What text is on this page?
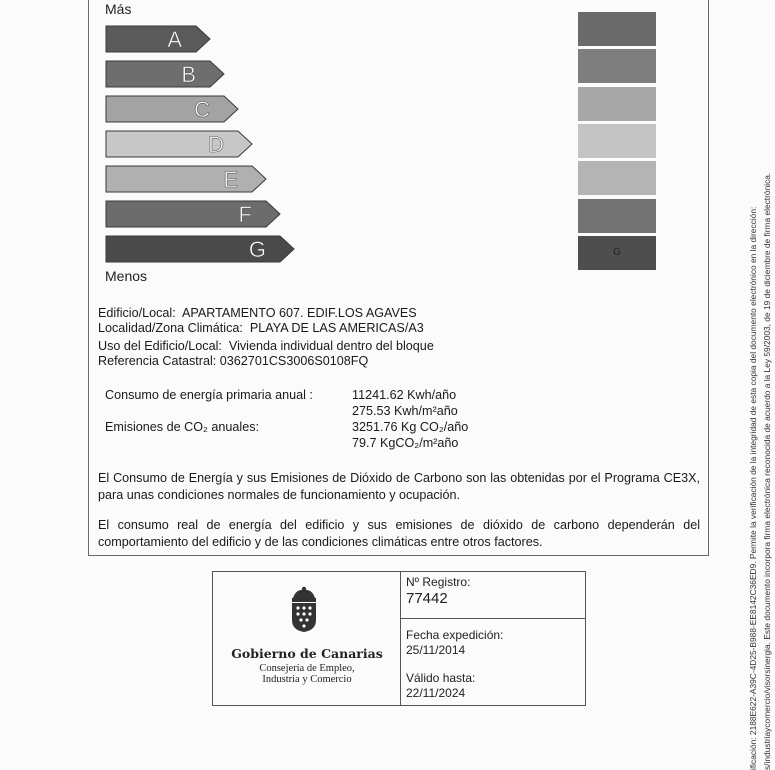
Más
A
B
C
D
E
F
G	G
Menos
Edificio/Local:  APARTAMENTO 607. EDIF.LOS AGAVES
Localidad/Zona Climática:  PLAYA DE LAS AMERICAS/A3
Uso del Edificio/Local:  Vivienda individual dentro del bloque
Referencia Catastral: 0362701CS3006S0108FQ
Consumo de energía primaria anual :	11241.62 Kwh/año
275.53 Kwh/m²año
Emisiones de CO₂ anuales:	3251.76 Kg CO₂/año
79.7 KgCO₂/m²año
El Consumo de Energía y sus Emisiones de Dióxido de Carbono son las obtenidas por el Programa CE3X, para unas condiciones normales de funcionamiento y ocupación.
El consumo real de energía del edificio y sus emisiones de dióxido de carbono dependerán del comportamiento del edificio y de las condiciones climáticas entre otros factores.
Gobierno de Canarias
Consejería de Empleo,
Industria y Comercio
Nº Registro:
77442
Fecha expedición:
25/11/2014
Válido hasta:
22/11/2024	ificación: 2188E622-A39C-4D25-B988-EE8142C36ED9. Permite la verificación de la integridad de esta copia del documento electrónico en la dirección: s/industriaycomercio/visorsinergia. Este documento incorpora firma electrónica reconocida de acuerdo a la Ley 59/2003, de 19 de diciembre de firma electrónica.
